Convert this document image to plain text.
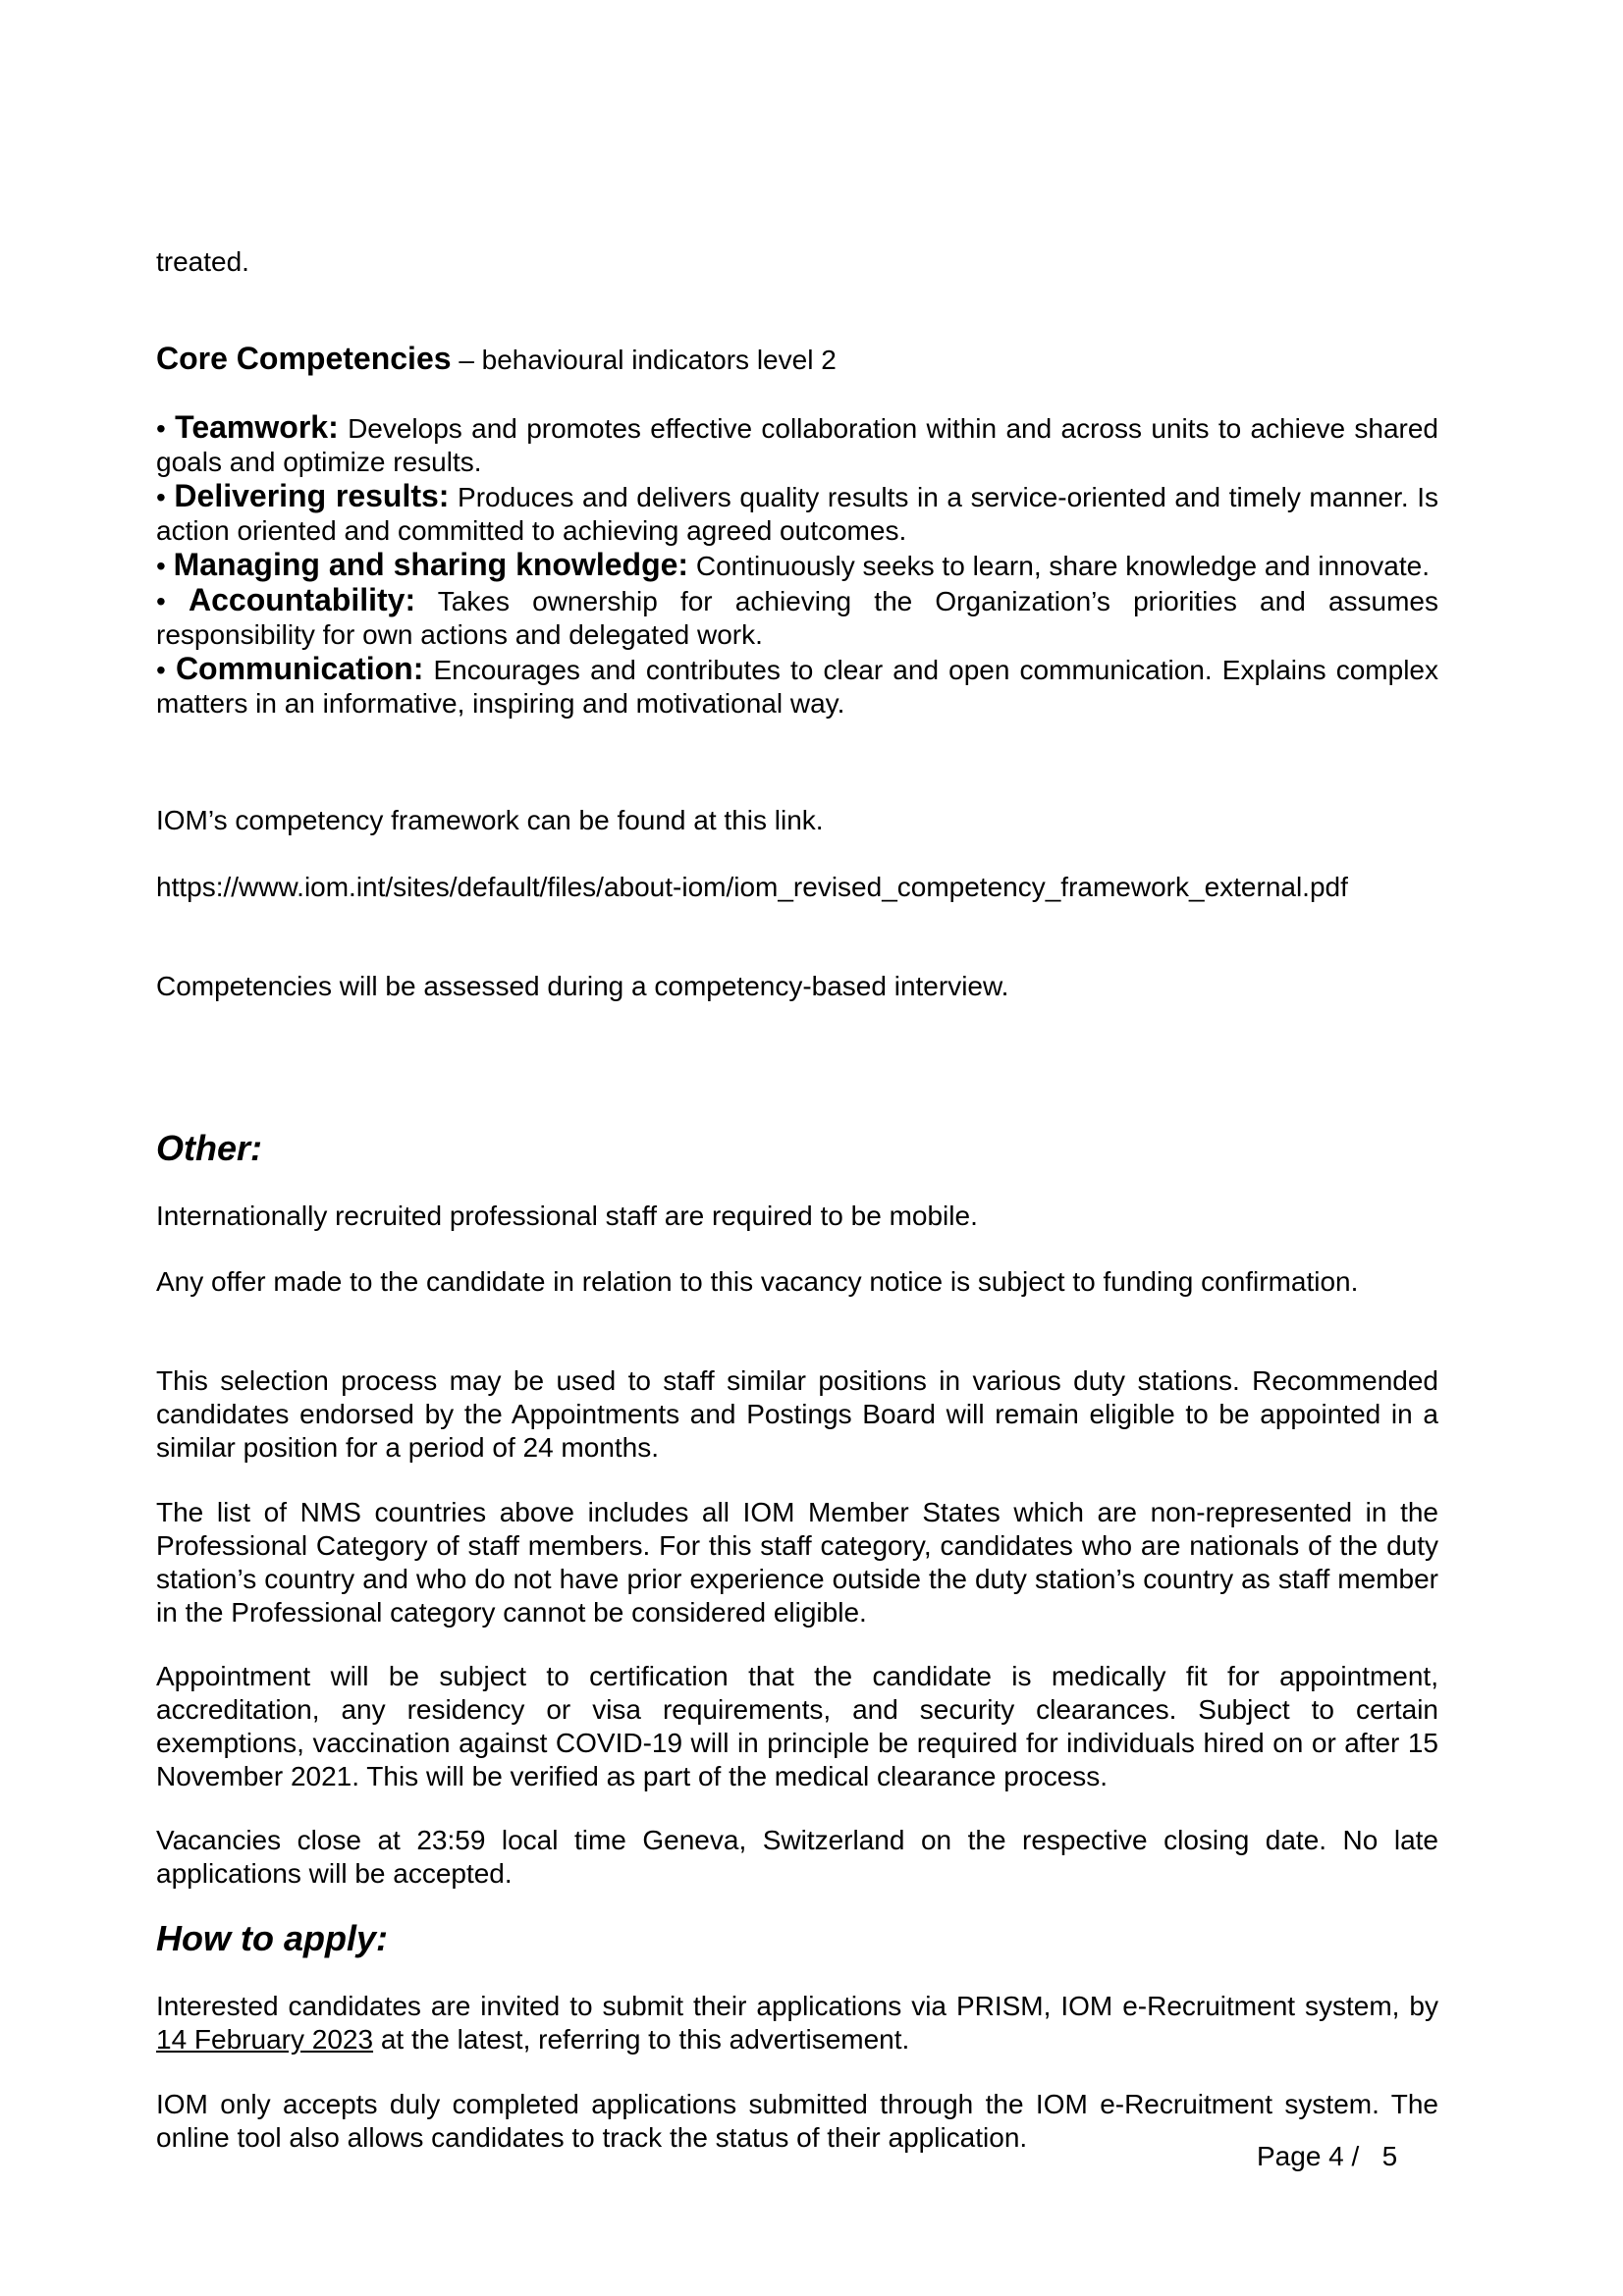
treated.

Core Competencies – behavioural indicators level 2

• Teamwork: Develops and promotes effective collaboration within and across units to achieve shared goals and optimize results.
• Delivering results: Produces and delivers quality results in a service-oriented and timely manner. Is action oriented and committed to achieving agreed outcomes.
• Managing and sharing knowledge: Continuously seeks to learn, share knowledge and innovate.
• Accountability: Takes ownership for achieving the Organization’s priorities and assumes responsibility for own actions and delegated work.
• Communication: Encourages and contributes to clear and open communication. Explains complex matters in an informative, inspiring and motivational way.

IOM’s competency framework can be found at this link.

https://www.iom.int/sites/default/files/about-iom/iom_revised_competency_framework_external.pdf

Competencies will be assessed during a competency-based interview.

Other:

Internationally recruited professional staff are required to be mobile.

Any offer made to the candidate in relation to this vacancy notice is subject to funding confirmation.

This selection process may be used to staff similar positions in various duty stations. Recommended candidates endorsed by the Appointments and Postings Board will remain eligible to be appointed in a similar position for a period of 24 months.

The list of NMS countries above includes all IOM Member States which are non-represented in the Professional Category of staff members. For this staff category, candidates who are nationals of the duty station’s country and who do not have prior experience outside the duty station’s country as staff member in the Professional category cannot be considered eligible.

Appointment will be subject to certification that the candidate is medically fit for appointment, accreditation, any residency or visa requirements, and security clearances. Subject to certain exemptions, vaccination against COVID-19 will in principle be required for individuals hired on or after 15 November 2021. This will be verified as part of the medical clearance process.

Vacancies close at 23:59 local time Geneva, Switzerland on the respective closing date. No late applications will be accepted.

How to apply:

Interested candidates are invited to submit their applications via PRISM, IOM e-Recruitment system, by 14 February 2023 at the latest, referring to this advertisement.

IOM only accepts duly completed applications submitted through the IOM e-Recruitment system. The online tool also allows candidates to track the status of their application.

Page 4 /   5
